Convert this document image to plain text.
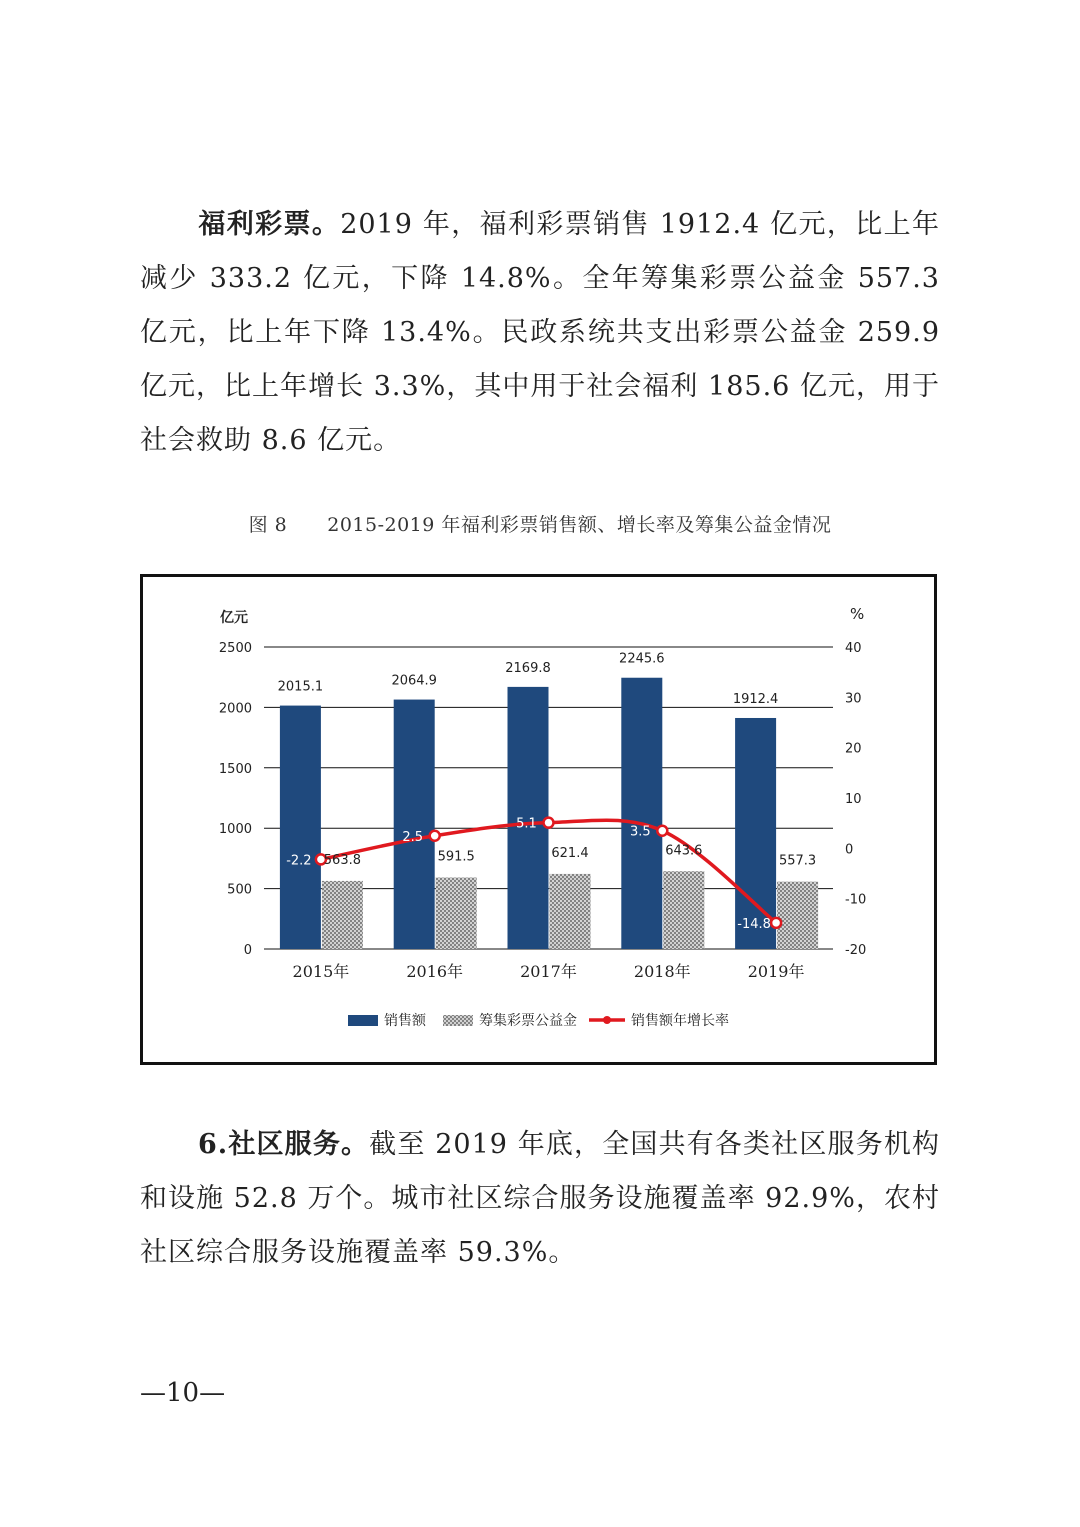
福利彩票。2019 年，福利彩票销售 1912.4 亿元，比上年减少 333.2 亿元，下降 14.8%。全年筹集彩票公益金 557.3 亿元，比上年下降 13.4%。民政系统共支出彩票公益金 259.9 亿元，比上年增长 3.3%，其中用于社会福利 185.6 亿元，用于社会救助 8.6 亿元。

图 8 2015-2019 年福利彩票销售额、增长率及筹集公益金情况
2015.1
563.8
2064.9
591.5
2169.8
621.4
2245.6
643.6
1912.4
557.3
-2.2
2.5
5.1
3.5
-14.8
0
500
1000
1500
2000
2500
-20
-10
0
10
20
30
40
亿元	%
2015年	2016年	2017年	2018年	2019年
销售额	筹集彩票公益金	销售额年增长率

6.社区服务。截至 2019 年底，全国共有各类社区服务机构和设施 52.8 万个。城市社区综合服务设施覆盖率 92.9%，农村社区综合服务设施覆盖率 59.3%。

—10—
